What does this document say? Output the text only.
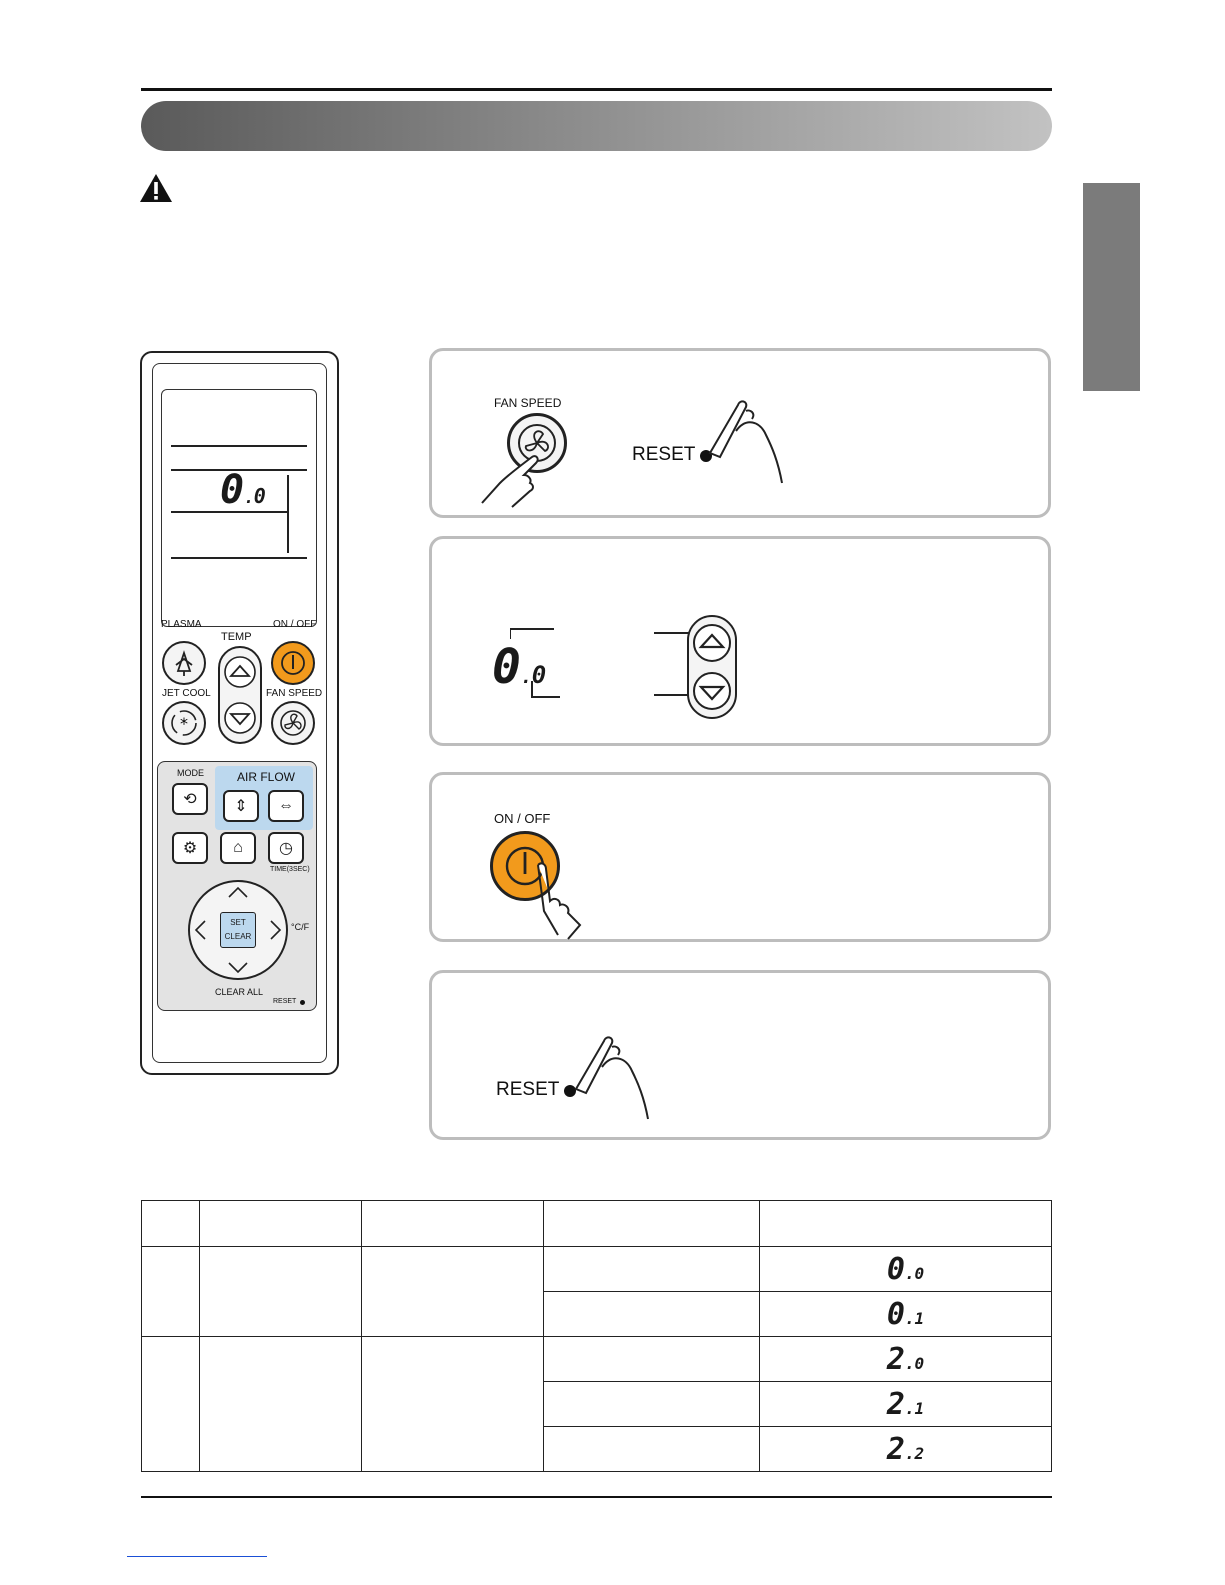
0.0
PLASMA
TEMP
ON / OFF
JET COOL	FAN SPEED
*
MODE	AIR FLOW
⟲ ⇕ ⇔
⚙ ⌂ ◷
TIME(3SEC)
SET
CLEAR
°C/F
CLEAR ALL
RESET
FAN SPEED
RESET
0.0
ON / OFF
RESET

				0.0
				0.1
				2.0
				2.1
				2.2
